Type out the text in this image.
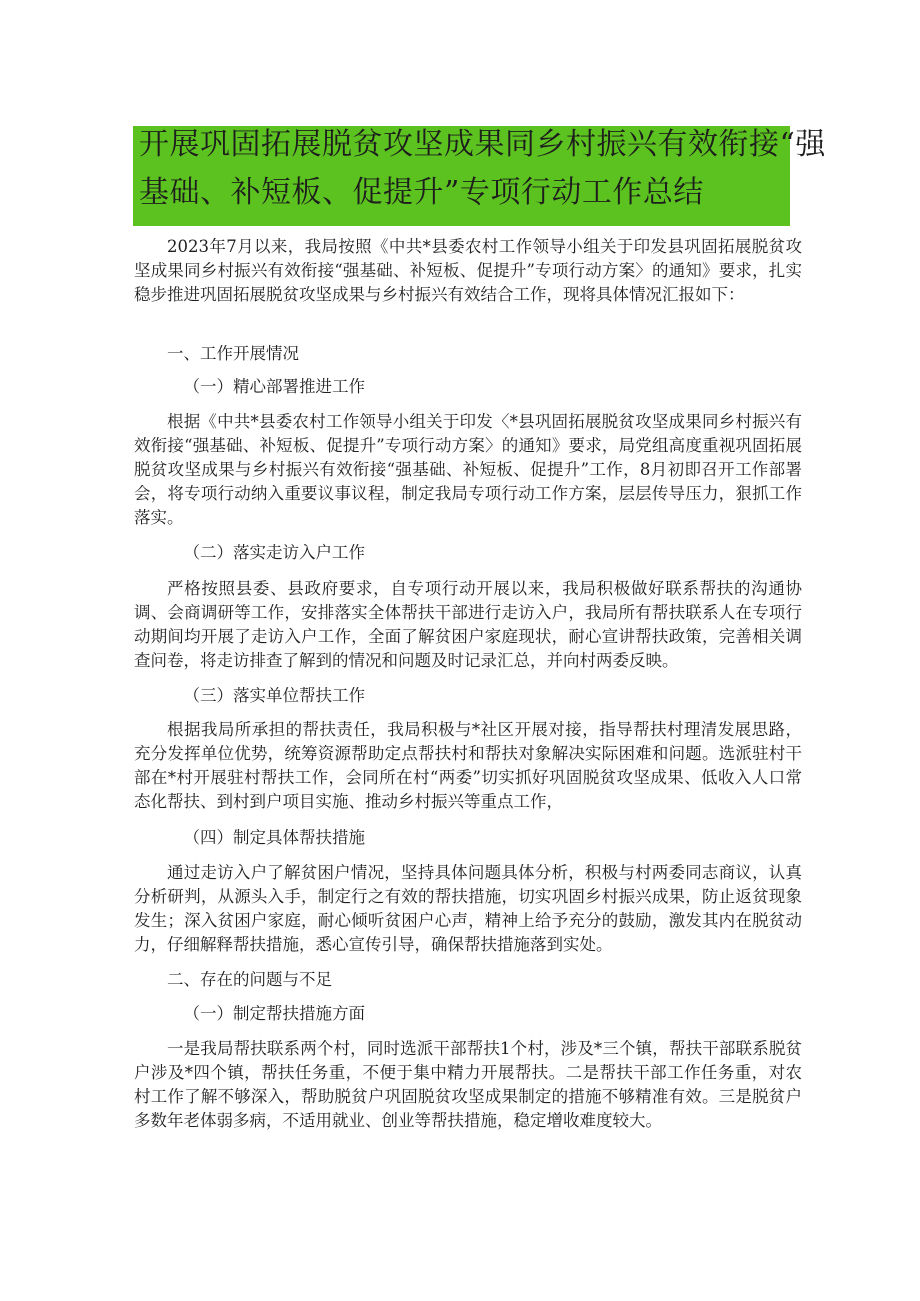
开展巩固拓展脱贫攻坚成果同乡村振兴有效衔接“强
基础、补短板、促提升”专项行动工作总结
2023年7月以来，我局按照《中共*县委农村工作领导小组关于印发县巩固拓展脱贫攻坚成果同乡村振兴有效衔接“强基础、补短板、促提升”专项行动方案〉的通知》要求，扎实稳步推进巩固拓展脱贫攻坚成果与乡村振兴有效结合工作，现将具体情况汇报如下：
一、工作开展情况
（一）精心部署推进工作
根据《中共*县委农村工作领导小组关于印发〈*县巩固拓展脱贫攻坚成果同乡村振兴有效衔接“强基础、补短板、促提升”专项行动方案〉的通知》要求，局党组高度重视巩固拓展脱贫攻坚成果与乡村振兴有效衔接“强基础、补短板、促提升”工作，8月初即召开工作部署会，将专项行动纳入重要议事议程，制定我局专项行动工作方案，层层传导压力，狠抓工作落实。
（二）落实走访入户工作
严格按照县委、县政府要求，自专项行动开展以来，我局积极做好联系帮扶的沟通协调、会商调研等工作，安排落实全体帮扶干部进行走访入户，我局所有帮扶联系人在专项行动期间均开展了走访入户工作，全面了解贫困户家庭现状，耐心宣讲帮扶政策，完善相关调查问卷，将走访排查了解到的情况和问题及时记录汇总，并向村两委反映。
（三）落实单位帮扶工作
根据我局所承担的帮扶责任，我局积极与*社区开展对接，指导帮扶村理清发展思路，充分发挥单位优势，统筹资源帮助定点帮扶村和帮扶对象解决实际困难和问题。选派驻村干部在*村开展驻村帮扶工作，会同所在村“两委”切实抓好巩固脱贫攻坚成果、低收入人口常态化帮扶、到村到户项目实施、推动乡村振兴等重点工作，
（四）制定具体帮扶措施
通过走访入户了解贫困户情况，坚持具体问题具体分析，积极与村两委同志商议，认真分析研判，从源头入手，制定行之有效的帮扶措施，切实巩固乡村振兴成果，防止返贫现象发生；深入贫困户家庭，耐心倾听贫困户心声，精神上给予充分的鼓励，激发其内在脱贫动力，仔细解释帮扶措施，悉心宣传引导，确保帮扶措施落到实处。
二、存在的问题与不足
（一）制定帮扶措施方面
一是我局帮扶联系两个村，同时选派干部帮扶1个村，涉及*三个镇，帮扶干部联系脱贫户涉及*四个镇，帮扶任务重，不便于集中精力开展帮扶。二是帮扶干部工作任务重，对农村工作了解不够深入，帮助脱贫户巩固脱贫攻坚成果制定的措施不够精准有效。三是脱贫户多数年老体弱多病，不适用就业、创业等帮扶措施，稳定增收难度较大。
